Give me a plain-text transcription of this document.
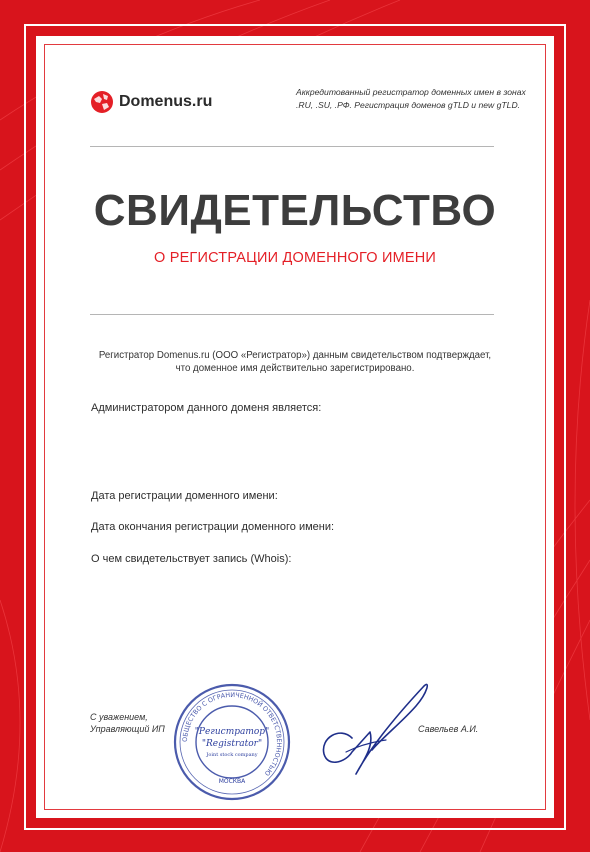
Domenus.ru
Аккредитованный регистратор доменных имен в зонах
.RU, .SU, .РФ. Регистрация доменов gTLD и new gTLD.
СВИДЕТЕЛЬСТВО
О РЕГИСТРАЦИИ ДОМЕННОГО ИМЕНИ
Регистратор Domenus.ru (ООО «Регистратор») данным свидетельством подтверждает,
что доменное имя действительно зарегистрировано.
Администратором данного доменя является:
Дата регистрации доменного имени:
Дата окончания регистрации доменного имени:
О чем свидетельствует запись (Whois):
С уважением,
Управляющий ИП
ОБЩЕСТВО С ОГРАНИЧЕННОЙ ОТВЕТСТВЕННОСТЬЮ
"Регистратор"
"Registrator"
Joint stock company
МОСКВА
Савельев А.И.
